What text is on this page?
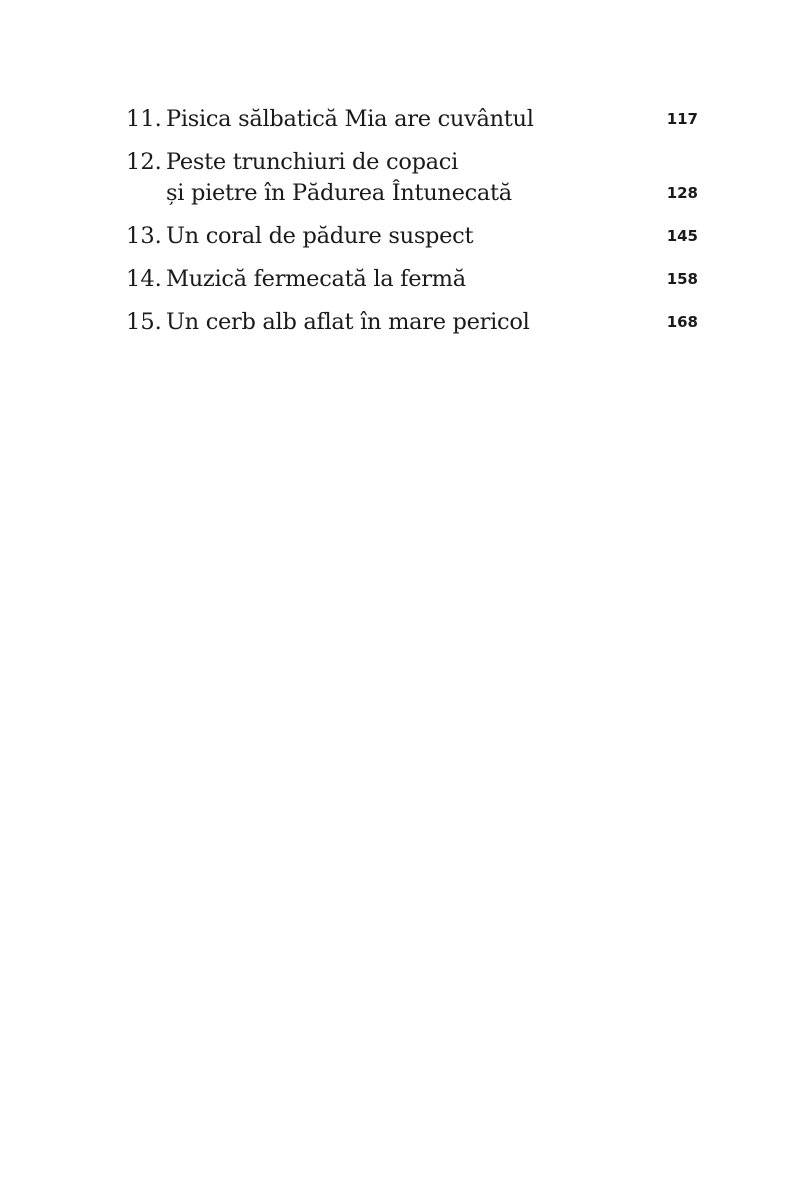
11. Pisica sălbatică Mia are cuvântul	117
12. Peste trunchiuri de copaci
și pietre în Pădurea Întunecată	128
13. Un coral de pădure suspect	145
14. Muzică fermecată la fermă	158
15. Un cerb alb aflat în mare pericol	168
